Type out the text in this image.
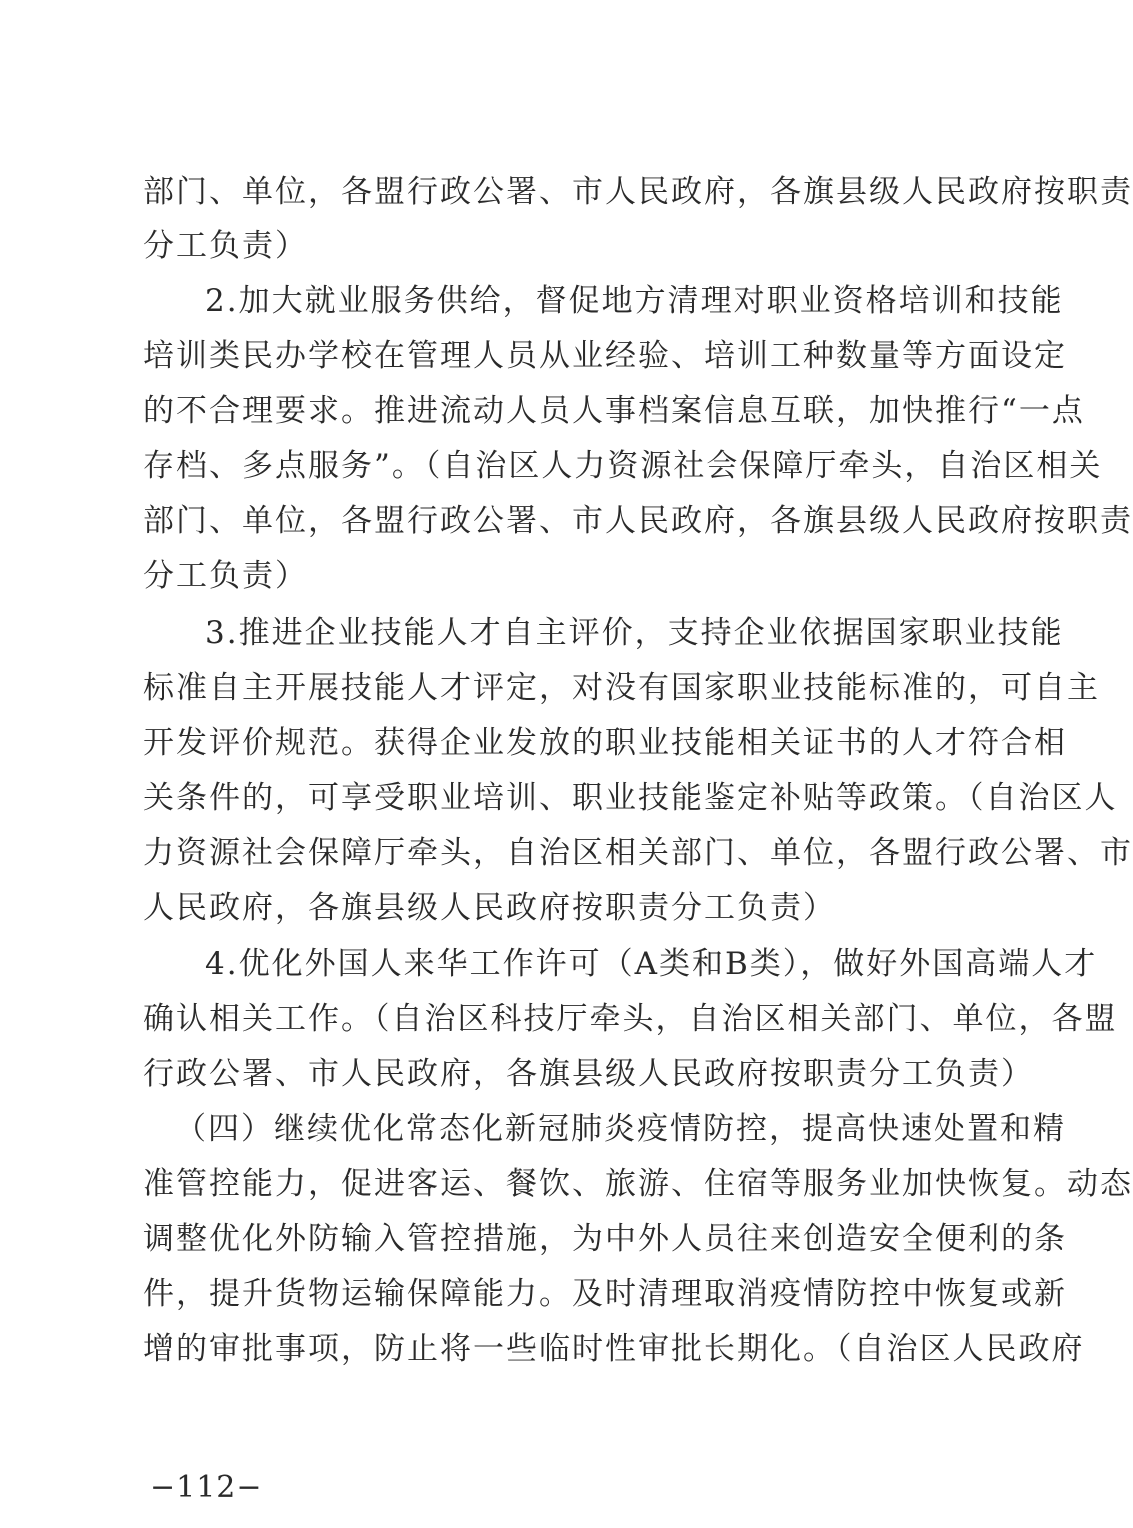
部门、单位，各盟行政公署、市人民政府，各旗县级人民政府按职责
分工负责）
2.加大就业服务供给，督促地方清理对职业资格培训和技能
培训类民办学校在管理人员从业经验、培训工种数量等方面设定
的不合理要求。推进流动人员人事档案信息互联，加快推行“一点
存档、多点服务”。（自治区人力资源社会保障厅牵头，自治区相关
部门、单位，各盟行政公署、市人民政府，各旗县级人民政府按职责
分工负责）
3.推进企业技能人才自主评价，支持企业依据国家职业技能
标准自主开展技能人才评定，对没有国家职业技能标准的，可自主
开发评价规范。获得企业发放的职业技能相关证书的人才符合相
关条件的，可享受职业培训、职业技能鉴定补贴等政策。（自治区人
力资源社会保障厅牵头，自治区相关部门、单位，各盟行政公署、市
人民政府，各旗县级人民政府按职责分工负责）
4.优化外国人来华工作许可（A类和B类），做好外国高端人才
确认相关工作。（自治区科技厅牵头，自治区相关部门、单位，各盟
行政公署、市人民政府，各旗县级人民政府按职责分工负责）
（四）继续优化常态化新冠肺炎疫情防控，提高快速处置和精
准管控能力，促进客运、餐饮、旅游、住宿等服务业加快恢复。动态
调整优化外防输入管控措施，为中外人员往来创造安全便利的条
件，提升货物运输保障能力。及时清理取消疫情防控中恢复或新
增的审批事项，防止将一些临时性审批长期化。（自治区人民政府
−112−
